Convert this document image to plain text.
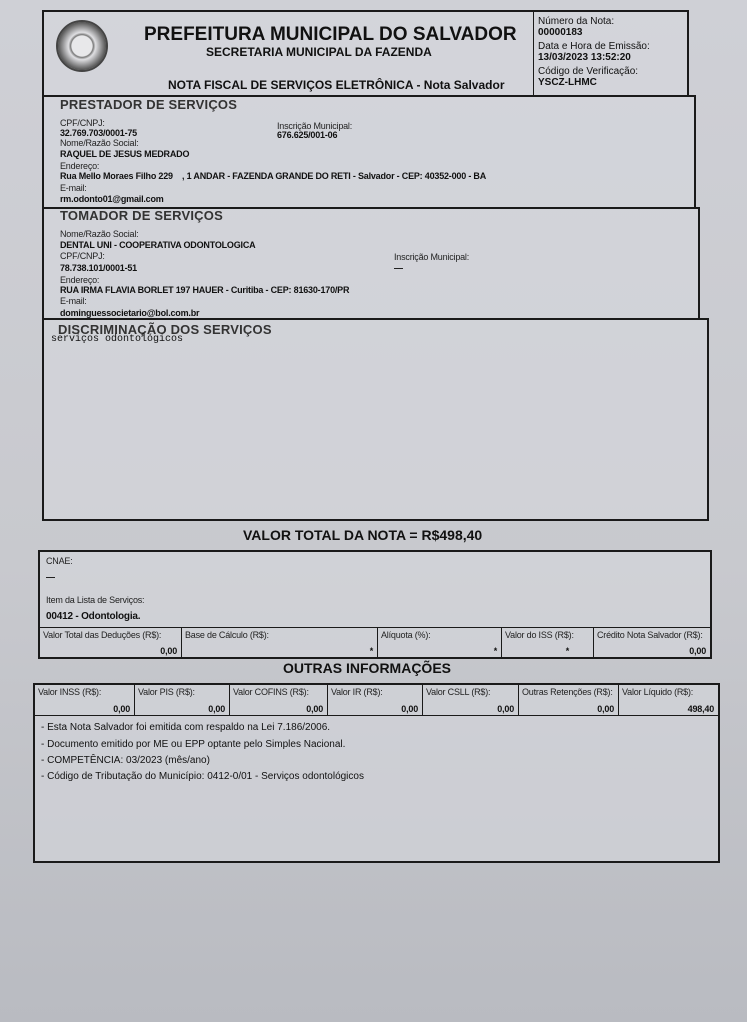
PREFEITURA MUNICIPAL DO SALVADOR
SECRETARIA MUNICIPAL DA FAZENDA
NOTA FISCAL DE SERVIÇOS ELETRÔNICA - Nota Salvador
Número da Nota:
00000183
Data e Hora de Emissão:
13/03/2023 13:52:20
Código de Verificação:
YSCZ-LHMC
PRESTADOR DE SERVIÇOS
CPF/CNPJ:
32.769.703/0001-75
Inscrição Municipal:
676.625/001-06
Nome/Razão Social:
RAQUEL DE JESUS MEDRADO
Endereço:
Rua Mello Moraes Filho 229    , 1 ANDAR - FAZENDA GRANDE DO RETI - Salvador - CEP: 40352-000 - BA
E-mail:
rm.odonto01@gmail.com
TOMADOR DE SERVIÇOS
Nome/Razão Social:
DENTAL UNI - COOPERATIVA ODONTOLOGICA
CPF/CNPJ:
78.738.101/0001-51
Inscrição Municipal:
—
Endereço:
RUA IRMA FLAVIA BORLET 197 HAUER - Curitiba - CEP: 81630-170/PR
E-mail:
dominguessocietario@bol.com.br
DISCRIMINAÇÃO DOS SERVIÇOS
serviços odontológicos
VALOR TOTAL DA NOTA = R$498,40
CNAE:
—
Item da Lista de Serviços:
00412 - Odontologia.
Valor Total das Deduções (R$):
0,00
Base de Cálculo (R$):
*
Alíquota (%):
*
Valor do ISS (R$):
*
Crédito Nota Salvador (R$):
0,00
OUTRAS INFORMAÇÕES
Valor INSS (R$):
0,00
Valor PIS (R$):
0,00
Valor COFINS (R$):
0,00
Valor IR (R$):
0,00
Valor CSLL (R$):
0,00
Outras Retenções (R$):
0,00
Valor Líquido (R$):
498,40
- Esta Nota Salvador foi emitida com respaldo na Lei 7.186/2006.
- Documento emitido por ME ou EPP optante pelo Simples Nacional.
- COMPETÊNCIA: 03/2023 (mês/ano)
- Código de Tributação do Município: 0412-0/01 - Serviços odontológicos
